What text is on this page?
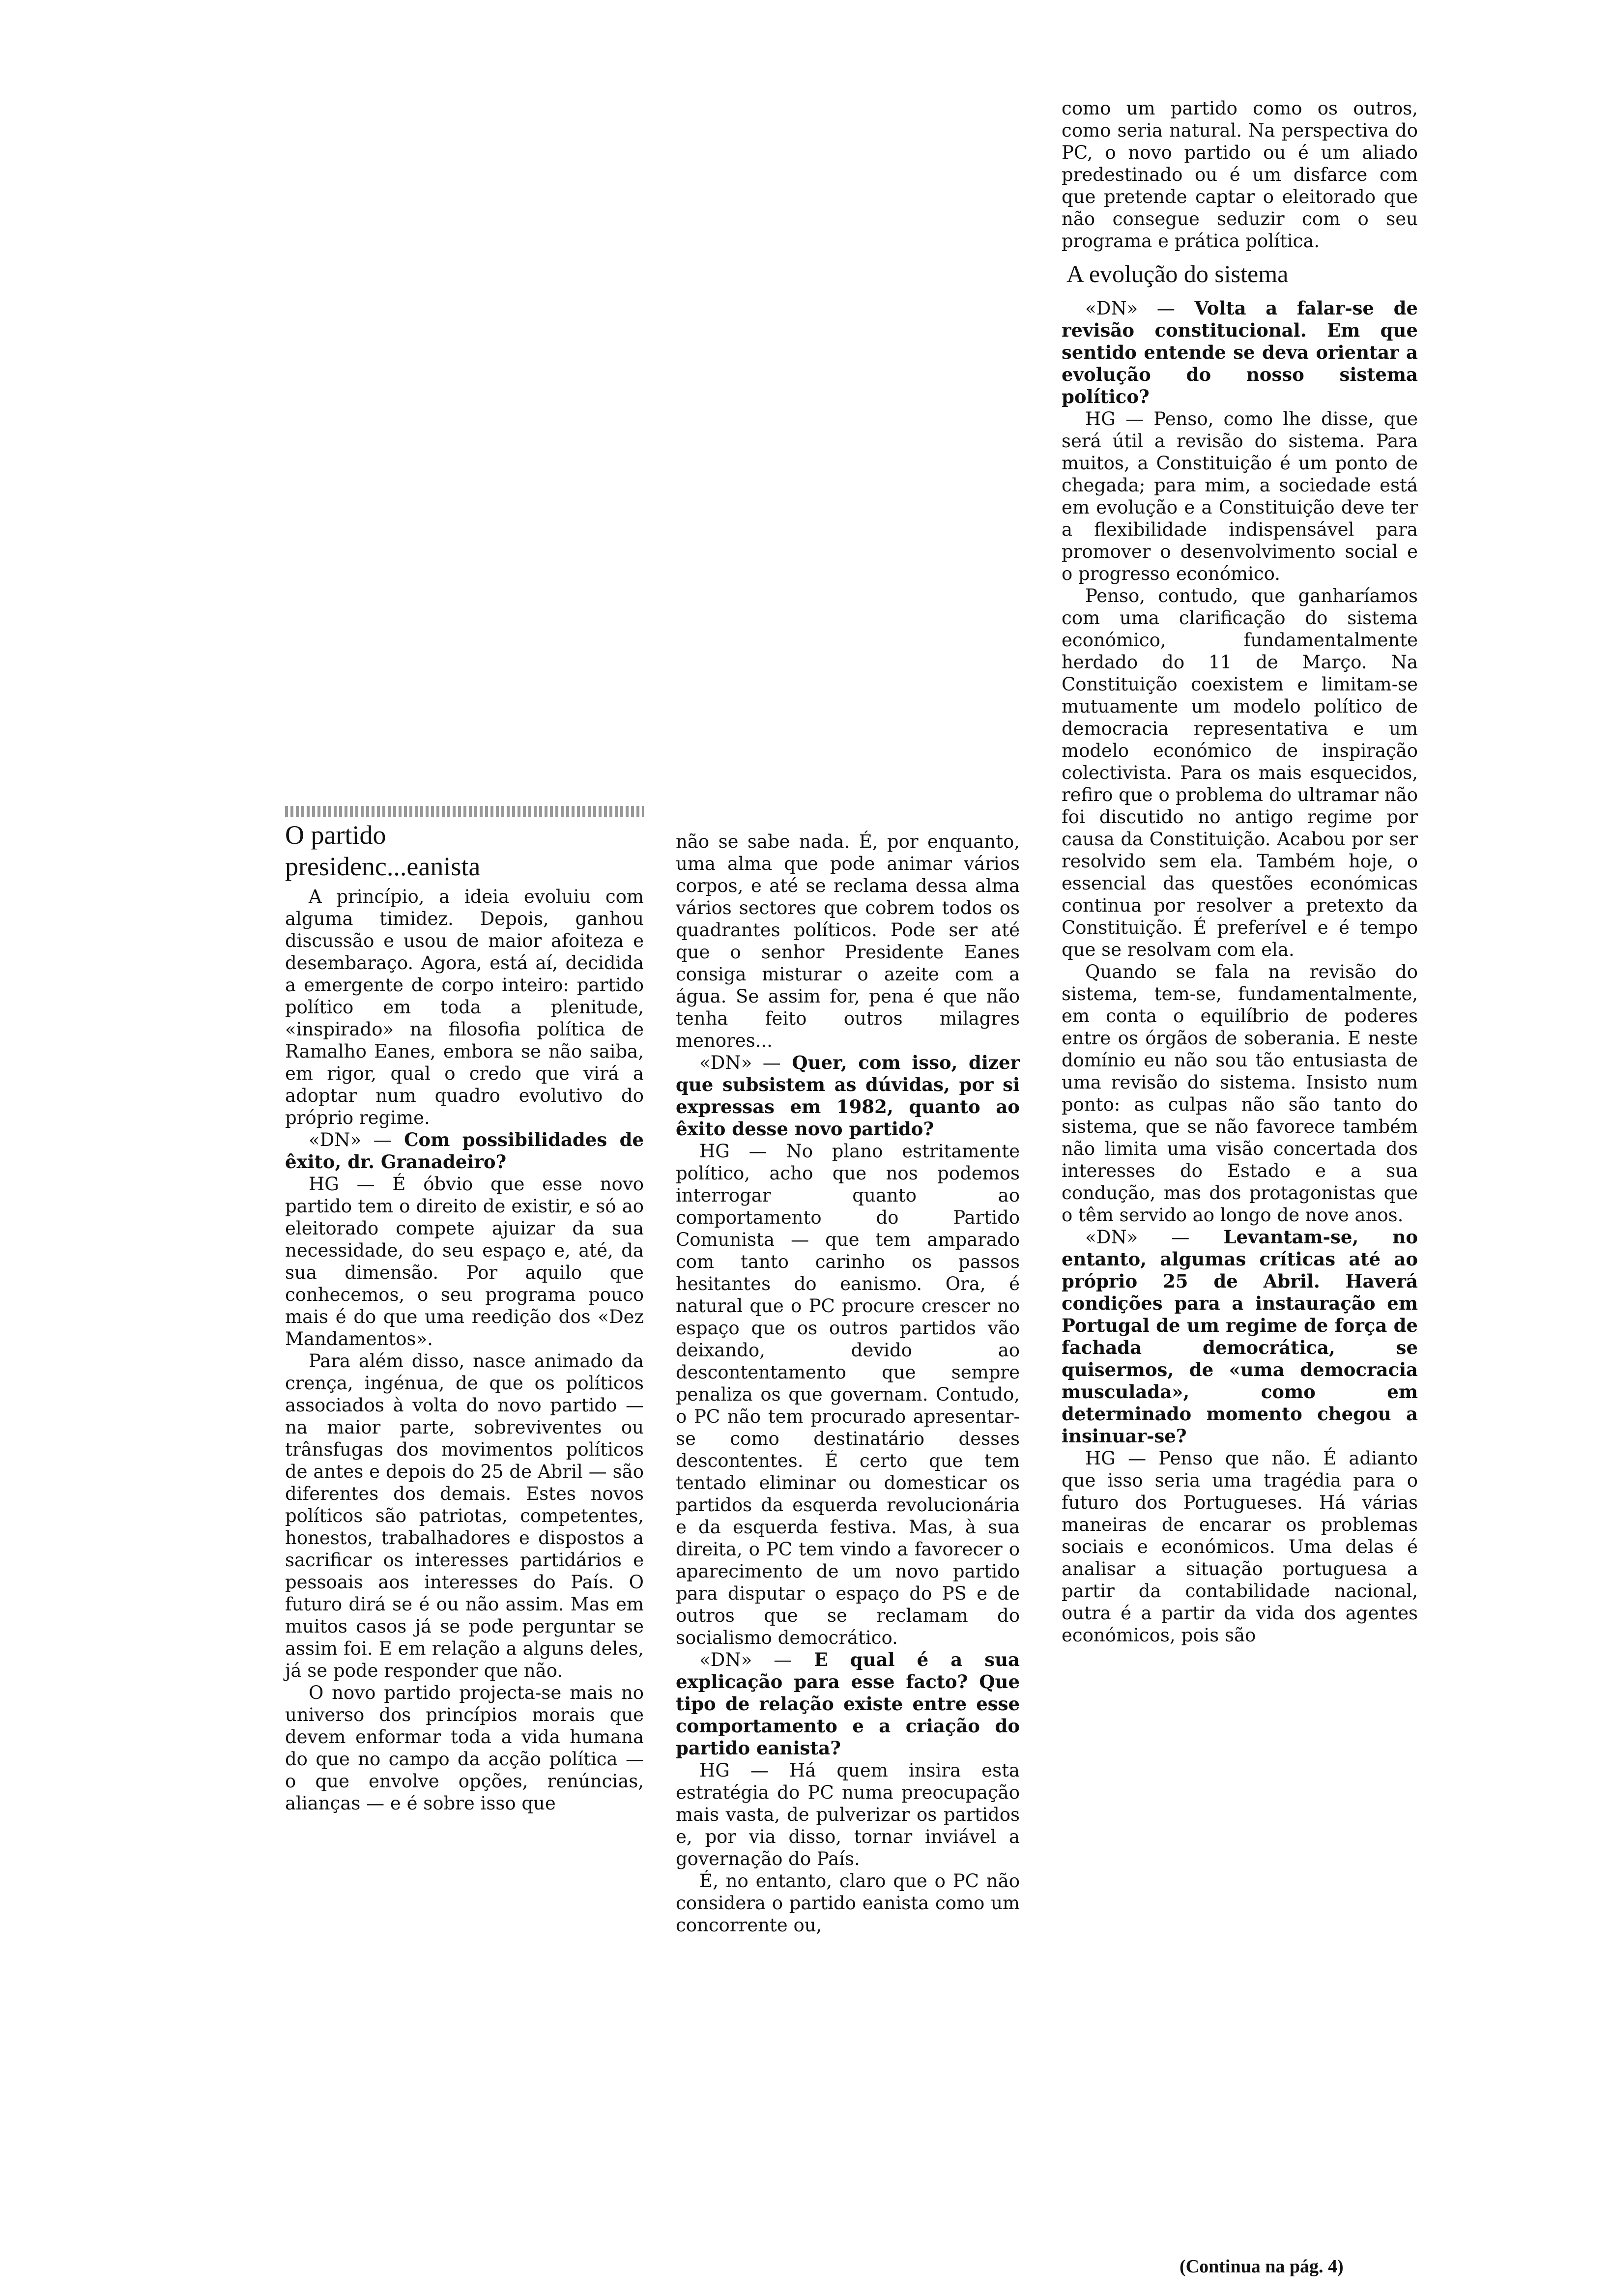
O partido
presidenc...eanista

A princípio, a ideia evoluiu com alguma timidez. Depois, ganhou discussão e usou de maior afoiteza e desembaraço. Agora, está aí, decidida a emergente de corpo inteiro: partido político em toda a plenitude, «inspirado» na filosofia política de Ramalho Eanes, embora se não saiba, em rigor, qual o credo que virá a adoptar num quadro evolutivo do próprio regime.

«DN» — Com possibilidades de êxito, dr. Granadeiro?

HG — É óbvio que esse novo partido tem o direito de existir, e só ao eleitorado compete ajuizar da sua necessidade, do seu espaço e, até, da sua dimensão. Por aquilo que conhecemos, o seu programa pouco mais é do que uma reedição dos «Dez Mandamentos».

Para além disso, nasce animado da crença, ingénua, de que os políticos associados à volta do novo partido — na maior parte, sobreviventes ou trânsfugas dos movimentos políticos de antes e depois do 25 de Abril — são diferentes dos demais. Estes novos políticos são patriotas, competentes, honestos, trabalhadores e dispostos a sacrificar os interesses partidários e pessoais aos interesses do País. O futuro dirá se é ou não assim. Mas em muitos casos já se pode perguntar se assim foi. E em relação a alguns deles, já se pode responder que não.

O novo partido projecta-se mais no universo dos princípios morais que devem enformar toda a vida humana do que no campo da acção política — o que envolve opções, renúncias, alianças — e é sobre isso que

não se sabe nada. É, por enquanto, uma alma que pode animar vários corpos, e até se reclama dessa alma vários sectores que cobrem todos os quadrantes políticos. Pode ser até que o senhor Presidente Eanes consiga misturar o azeite com a água. Se assim for, pena é que não tenha feito outros milagres menores...

«DN» — Quer, com isso, dizer que subsistem as dúvidas, por si expressas em 1982, quanto ao êxito desse novo partido?

HG — No plano estritamente político, acho que nos podemos interrogar quanto ao comportamento do Partido Comunista — que tem amparado com tanto carinho os passos hesitantes do eanismo. Ora, é natural que o PC procure crescer no espaço que os outros partidos vão deixando, devido ao descontentamento que sempre penaliza os que governam. Contudo, o PC não tem procurado apresentar-se como destinatário desses descontentes. É certo que tem tentado eliminar ou domesticar os partidos da esquerda revolucionária e da esquerda festiva. Mas, à sua direita, o PC tem vindo a favorecer o aparecimento de um novo partido para disputar o espaço do PS e de outros que se reclamam do socialismo democrático.

«DN» — E qual é a sua explicação para esse facto? Que tipo de relação existe entre esse comportamento e a criação do partido eanista?

HG — Há quem insira esta estratégia do PC numa preocupação mais vasta, de pulverizar os partidos e, por via disso, tornar inviável a governação do País.

É, no entanto, claro que o PC não considera o partido eanista como um concorrente ou,

como um partido como os outros, como seria natural. Na perspectiva do PC, o novo partido ou é um aliado predestinado ou é um disfarce com que pretende captar o eleitorado que não consegue seduzir com o seu programa e prática política.

A evolução do sistema

«DN» — Volta a falar-se de revisão constitucional. Em que sentido entende se deva orientar a evolução do nosso sistema político?

HG — Penso, como lhe disse, que será útil a revisão do sistema. Para muitos, a Constituição é um ponto de chegada; para mim, a sociedade está em evolução e a Constituição deve ter a flexibilidade indispensável para promover o desenvolvimento social e o progresso económico.

Penso, contudo, que ganharíamos com uma clarificação do sistema económico, fundamentalmente herdado do 11 de Março. Na Constituição coexistem e limitam-se mutuamente um modelo político de democracia representativa e um modelo económico de inspiração colectivista. Para os mais esquecidos, refiro que o problema do ultramar não foi discutido no antigo regime por causa da Constituição. Acabou por ser resolvido sem ela. Também hoje, o essencial das questões económicas continua por resolver a pretexto da Constituição. É preferível e é tempo que se resolvam com ela.

Quando se fala na revisão do sistema, tem-se, fundamentalmente, em conta o equilíbrio de poderes entre os órgãos de soberania. E neste domínio eu não sou tão entusiasta de uma revisão do sistema. Insisto num ponto: as culpas não são tanto do sistema, que se não favorece também não limita uma visão concertada dos interesses do Estado e a sua condução, mas dos protagonistas que o têm servido ao longo de nove anos.

«DN» — Levantam-se, no entanto, algumas críticas até ao próprio 25 de Abril. Haverá condições para a instauração em Portugal de um regime de força de fachada democrática, se quisermos, de «uma democracia musculada», como em determinado momento chegou a insinuar-se?

HG — Penso que não. É adianto que isso seria uma tragédia para o futuro dos Portugueses. Há várias maneiras de encarar os problemas sociais e económicos. Uma delas é analisar a situação portuguesa a partir da contabilidade nacional, outra é a partir da vida dos agentes económicos, pois são

(Continua na pág. 4)
